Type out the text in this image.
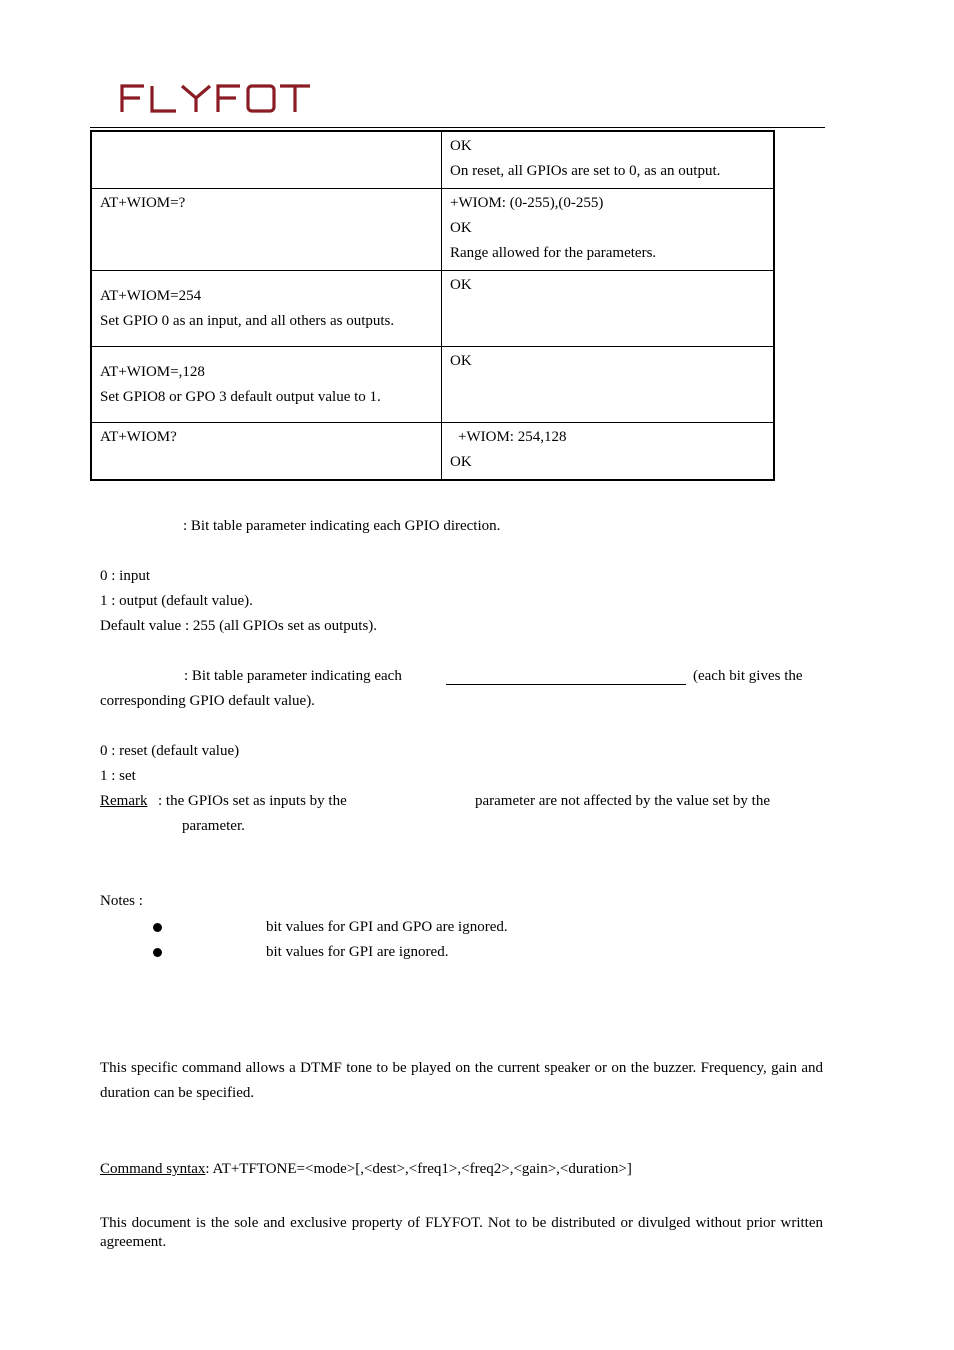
	OK
On reset, all GPIOs are set to 0, as an output.

AT+WIOM=?	+WIOM: (0-255),(0-255)
OK
Range allowed for the parameters.

AT+WIOM=254
Set GPIO 0 as an input, and all others as outputs.	OK

AT+WIOM=,128
Set GPIO8 or GPO 3 default output value to 1.	OK

AT+WIOM?	+WIOM: 254,128
OK
: Bit table parameter indicating each GPIO direction.
0 : input
1 : output (default value).
Default value : 255 (all GPIOs set as outputs).
: Bit table parameter indicating each	(each bit gives the
corresponding GPIO default value).
0 : reset (default value)
1 : set
Remark : the GPIOs set as inputs by the	parameter are not affected by the value set by the
parameter.
Notes :
bit values for GPI and GPO are ignored.
bit values for GPI are ignored.
This specific command allows a DTMF tone to be played on the current speaker or on the buzzer. Frequency, gain and duration can be specified.
Command syntax: AT+TFTONE=<mode>[,<dest>,<freq1>,<freq2>,<gain>,<duration>]
This document is the sole and exclusive property of FLYFOT. Not to be distributed or divulged without prior written agreement.
